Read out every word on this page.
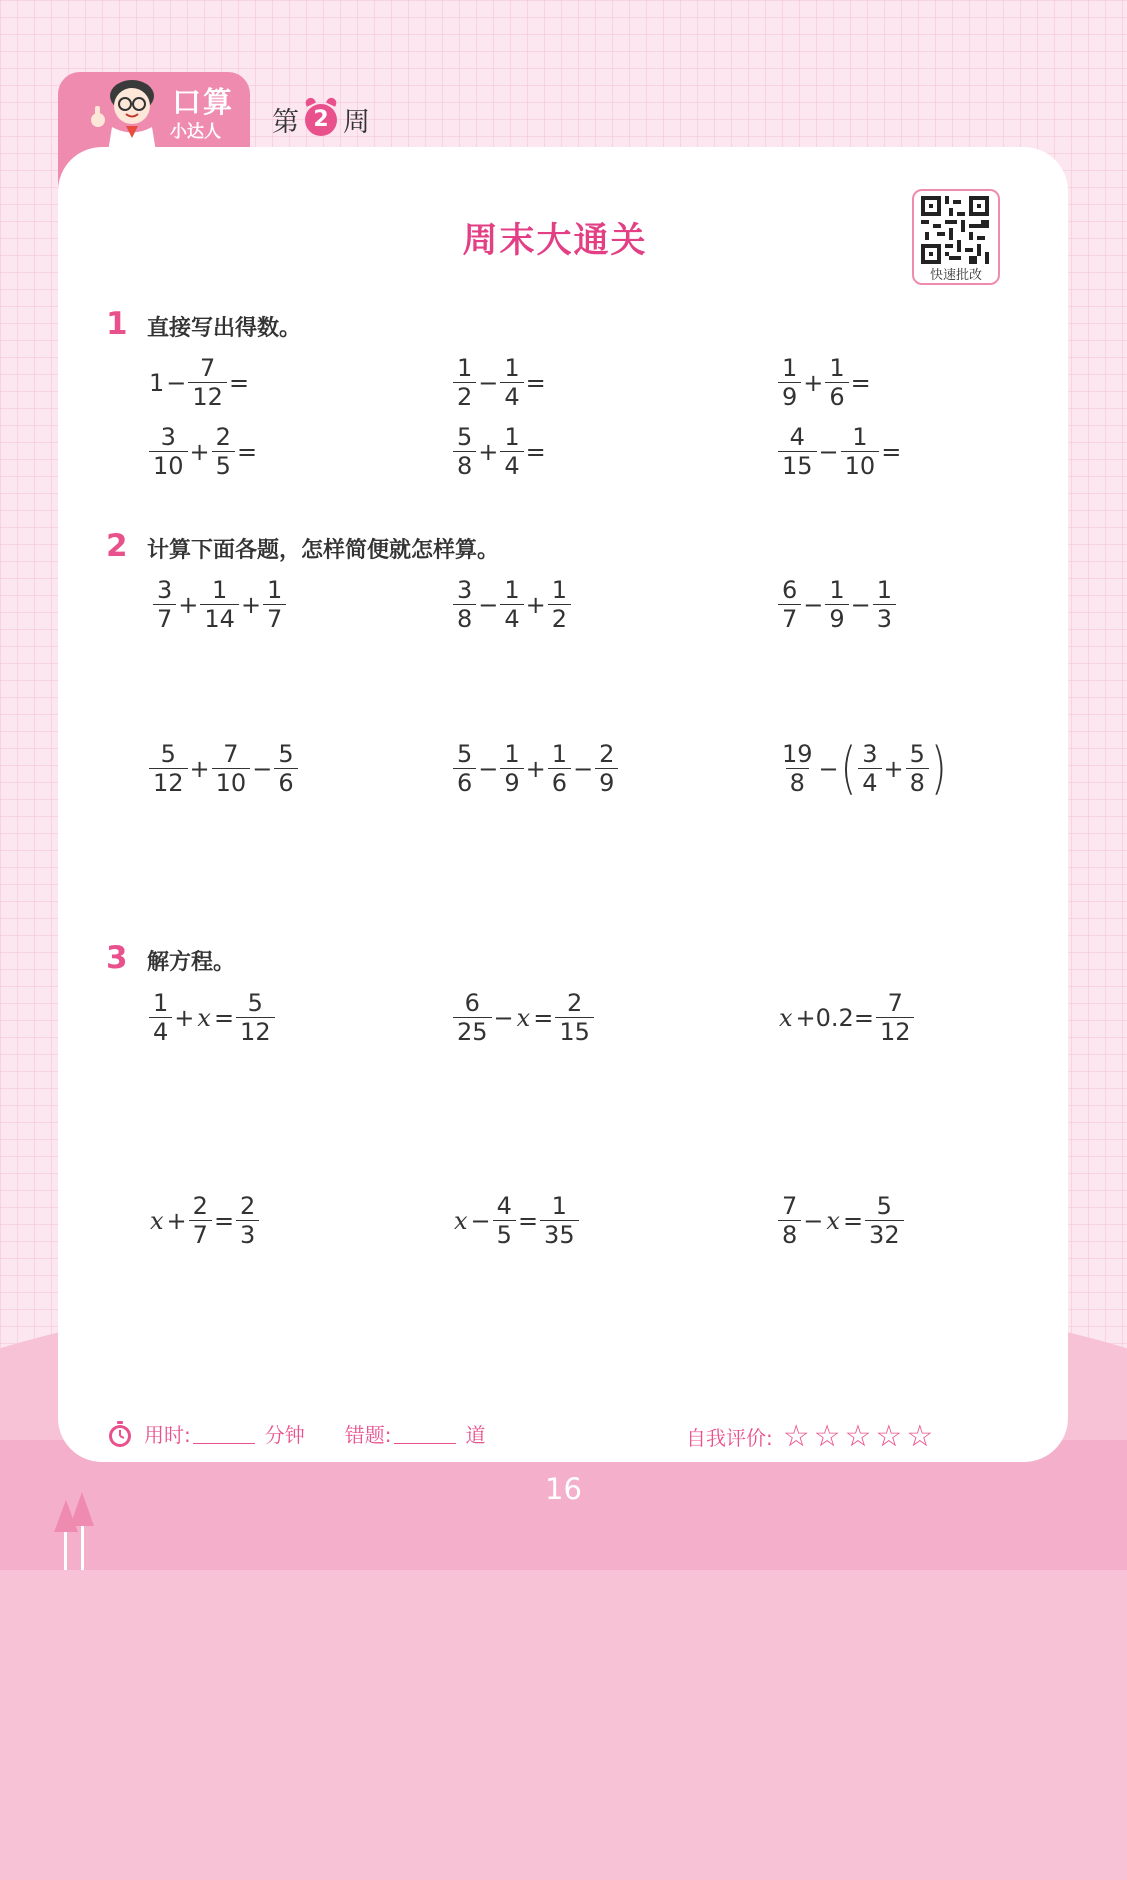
口算
小达人 第 2 周
周末大通关
快速批改
1 直接写出得数。
2 计算下面各题，怎样简便就怎样算。
3 解方程。
$1 - \frac{7}{12}$ =	$\frac{1}{2} - \frac{1}{4}$ =	$\frac{1}{9} + \frac{1}{6}$ =
$\frac{3}{10} + \frac{2}{5}$ =	$\frac{5}{8} + \frac{1}{4}$ =	$\frac{4}{15} - \frac{1}{10}$ =
$\frac{3}{7} + \frac{1}{14} + \frac{1}{7}$	$\frac{3}{8} - \frac{1}{4} + \frac{1}{2}$	$\frac{6}{7} - \frac{1}{9} - \frac{1}{3}$
$\frac{5}{12} + \frac{7}{10} - \frac{5}{6}$	$\frac{5}{6} - \frac{1}{9} + \frac{1}{6} - \frac{2}{9}$	$\frac{19}{8}$ − ( $\frac{3}{4} + \frac{5}{8}$ )
$\frac{1}{4} + x = \frac{5}{12}$	$\frac{6}{25} - x = \frac{2}{15}$	$x +0.2= \frac{7}{12}$
$x + \frac{2}{7} = \frac{2}{3}$	$x - \frac{4}{5} = \frac{1}{35}$	$\frac{7}{8} - x = \frac{5}{32}$
用时:	分钟 错题:	道	自我评价: ☆☆☆☆☆
16
